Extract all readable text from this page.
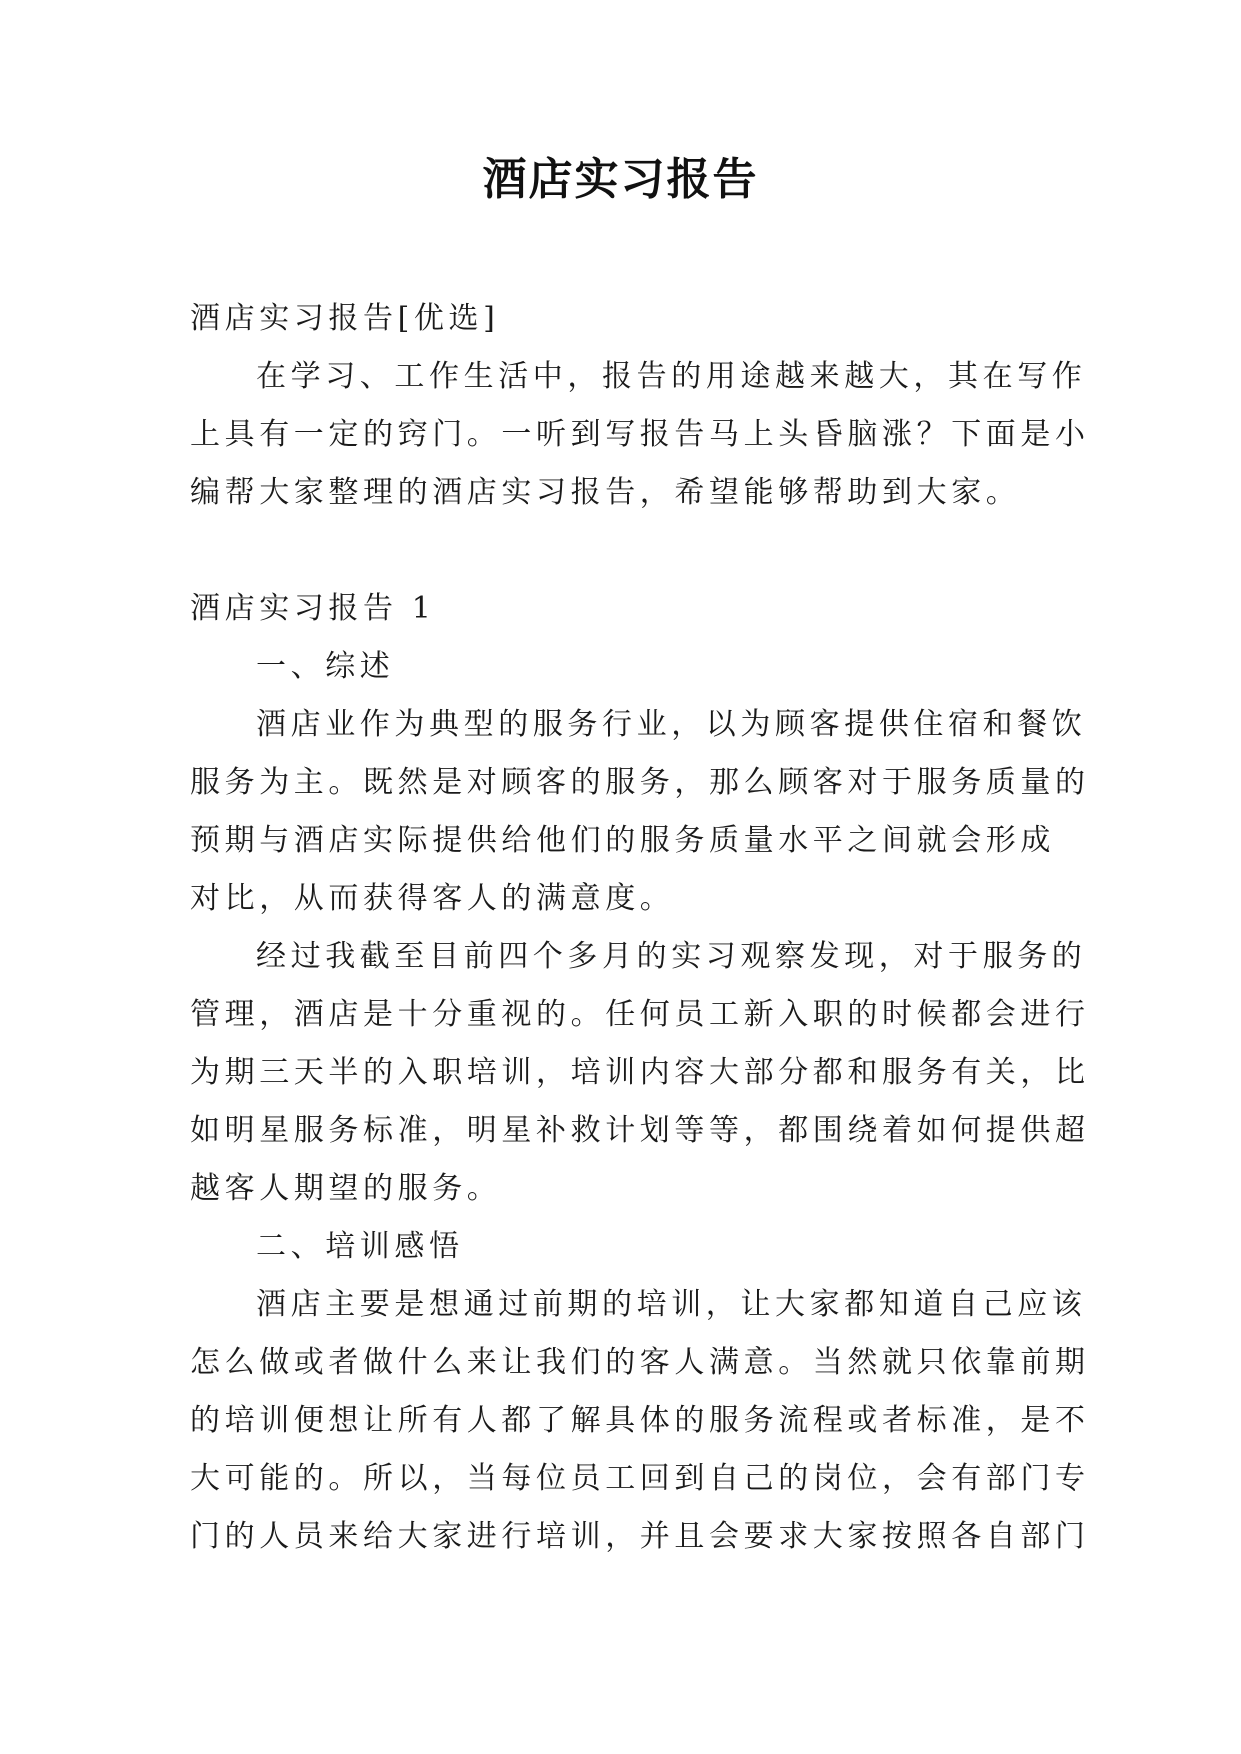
酒店实习报告
酒店实习报告[优选]
在学习、工作生活中，报告的用途越来越大，其在写作
上具有一定的窍门。一听到写报告马上头昏脑涨？下面是小
编帮大家整理的酒店实习报告，希望能够帮助到大家。
酒店实习报告 1
一、综述
酒店业作为典型的服务行业，以为顾客提供住宿和餐饮
服务为主。既然是对顾客的服务，那么顾客对于服务质量的
预期与酒店实际提供给他们的服务质量水平之间就会形成
对比，从而获得客人的满意度。
经过我截至目前四个多月的实习观察发现，对于服务的
管理，酒店是十分重视的。任何员工新入职的时候都会进行
为期三天半的入职培训，培训内容大部分都和服务有关，比
如明星服务标准，明星补救计划等等，都围绕着如何提供超
越客人期望的服务。
二、培训感悟
酒店主要是想通过前期的培训，让大家都知道自己应该
怎么做或者做什么来让我们的客人满意。当然就只依靠前期
的培训便想让所有人都了解具体的服务流程或者标准，是不
大可能的。所以，当每位员工回到自己的岗位，会有部门专
门的人员来给大家进行培训，并且会要求大家按照各自部门
